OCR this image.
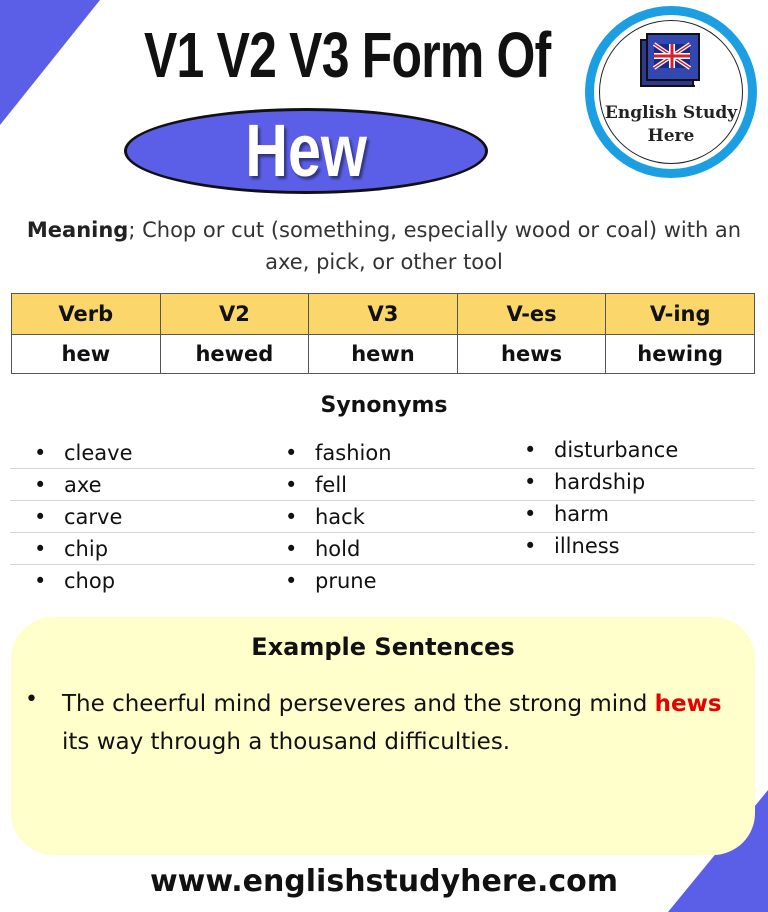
V1 V2 V3 Form Of
Hew	English Study
Here
Meaning; Chop or cut (something, especially wood or coal) with an axe, pick, or other tool
Verb	V2	V3	V-es	V-ing
hew	hewed	hewn	hews	hewing
Synonyms
• cleave
• axe
• carve
• chip
• chop
• fashion
• fell
• hack
• hold
• prune
• disturbance
• hardship
• harm
• illness
Example Sentences
• The cheerful mind perseveres and the strong mind hews its way through a thousand difficulties.
www.englishstudyhere.com
